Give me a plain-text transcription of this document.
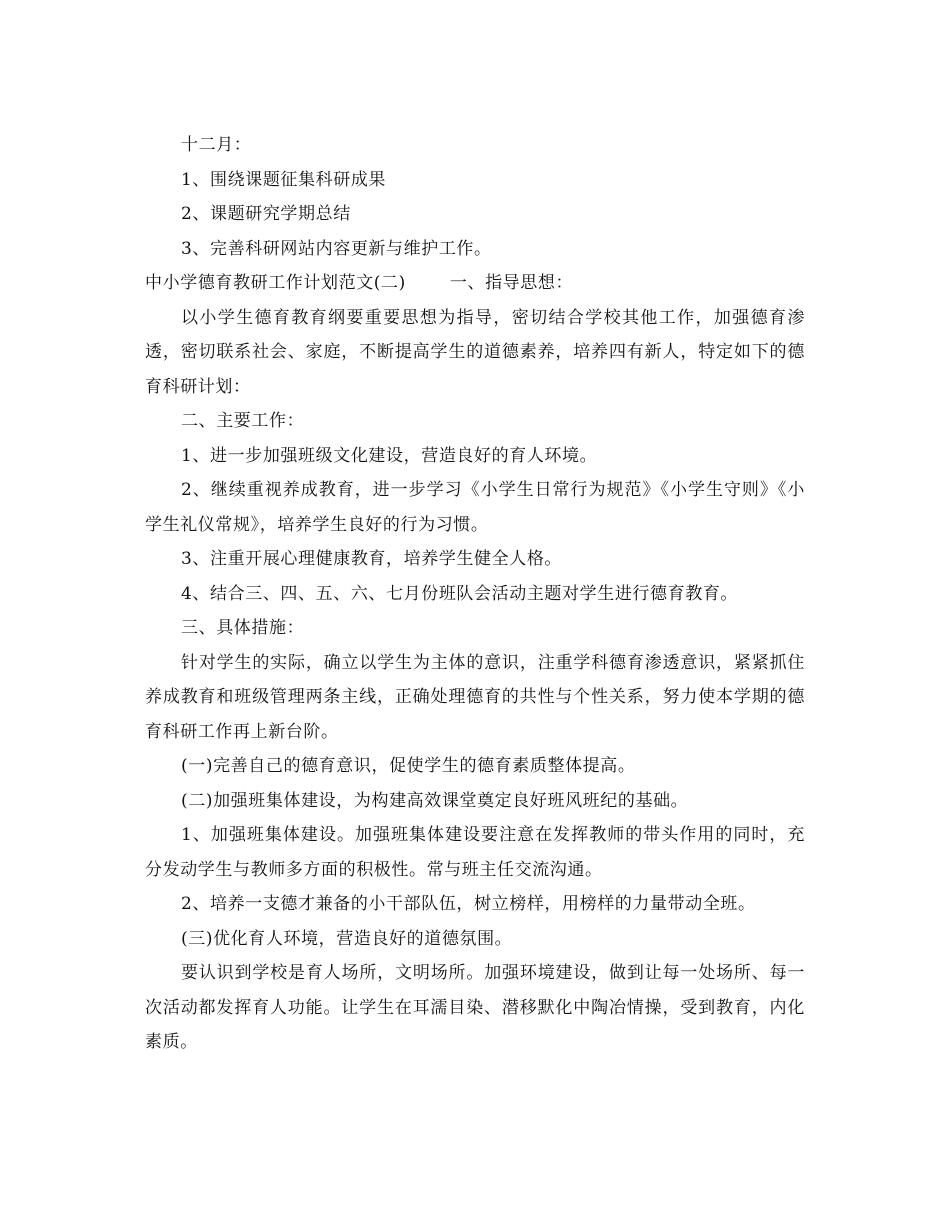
十二月：

1、围绕课题征集科研成果

2、课题研究学期总结

3、完善科研网站内容更新与维护工作。

中小学德育教研工作计划范文(二)	一、指导思想：

以小学生德育教育纲要重要思想为指导，密切结合学校其他工作，加强德育渗透，密切联系社会、家庭，不断提高学生的道德素养，培养四有新人，特定如下的德育科研计划：

二、主要工作：

1、进一步加强班级文化建设，营造良好的育人环境。

2、继续重视养成教育，进一步学习《小学生日常行为规范》《小学生守则》《小学生礼仪常规》，培养学生良好的行为习惯。

3、注重开展心理健康教育，培养学生健全人格。

4、结合三、四、五、六、七月份班队会活动主题对学生进行德育教育。

三、具体措施：

针对学生的实际，确立以学生为主体的意识，注重学科德育渗透意识，紧紧抓住养成教育和班级管理两条主线，正确处理德育的共性与个性关系，努力使本学期的德育科研工作再上新台阶。

(一)完善自己的德育意识，促使学生的德育素质整体提高。

(二)加强班集体建设，为构建高效课堂奠定良好班风班纪的基础。

1、加强班集体建设。加强班集体建设要注意在发挥教师的带头作用的同时，充分发动学生与教师多方面的积极性。常与班主任交流沟通。

2、培养一支德才兼备的小干部队伍，树立榜样，用榜样的力量带动全班。

(三)优化育人环境，营造良好的道德氛围。

要认识到学校是育人场所，文明场所。加强环境建设，做到让每一处场所、每一次活动都发挥育人功能。让学生在耳濡目染、潜移默化中陶冶情操，受到教育，内化素质。
